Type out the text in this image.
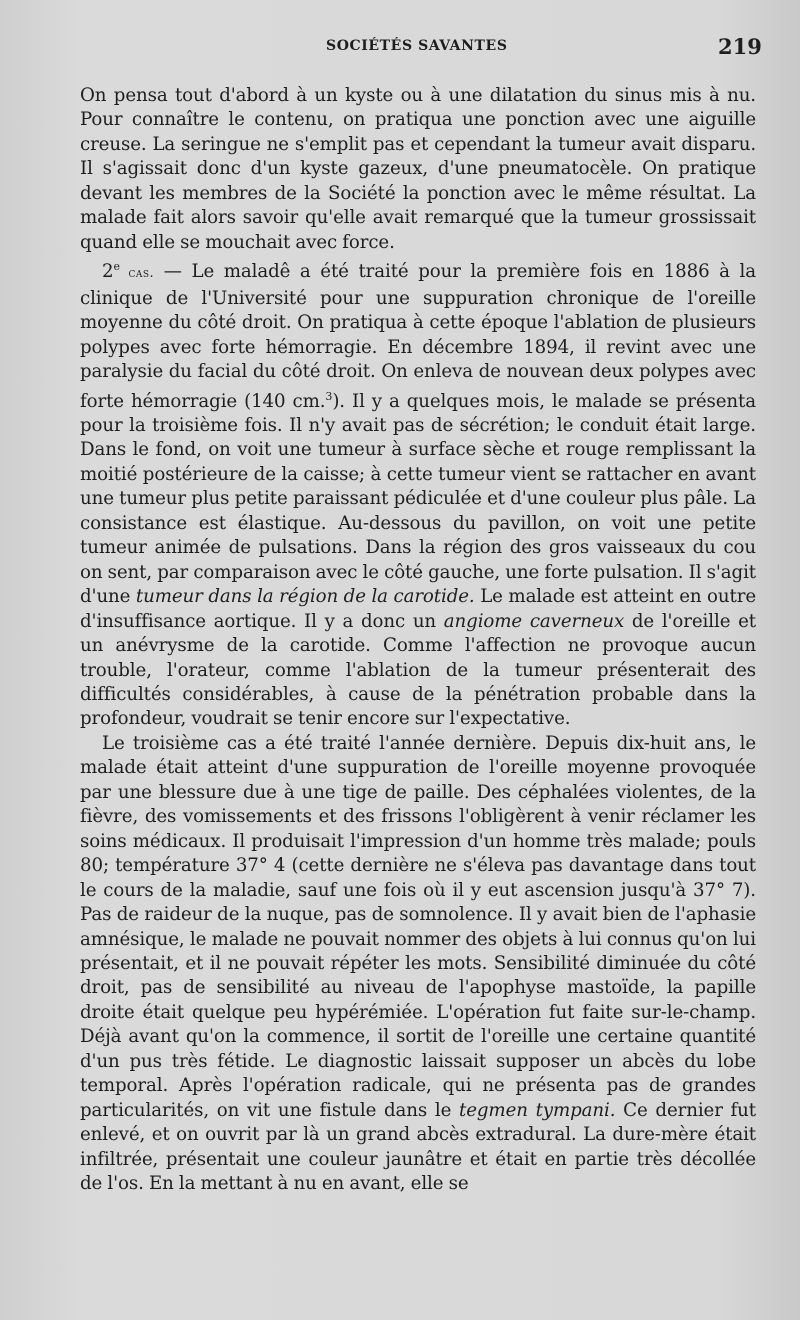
SOCIÉTÉS SAVANTES	219

On pensa tout d'abord à un kyste ou à une dilatation du sinus mis à nu. Pour connaître le contenu, on pratiqua une ponction avec une aiguille creuse. La seringue ne s'emplit pas et cependant la tumeur avait disparu. Il s'agissait donc d'un kyste gazeux, d'une pneumatocèle. On pratique devant les membres de la Société la ponction avec le même résultat. La malade fait alors savoir qu'elle avait remarqué que la tumeur grossissait quand elle se mouchait avec force.

2e cas. — Le maladê a été traité pour la première fois en 1886 à la clinique de l'Université pour une suppuration chronique de l'oreille moyenne du côté droit. On pratiqua à cette époque l'ablation de plusieurs polypes avec forte hémorragie. En décembre 1894, il revint avec une paralysie du facial du côté droit. On enleva de nouvean deux polypes avec forte hémorragie (140 cm.$^3$). Il y a quelques mois, le malade se présenta pour la troisième fois. Il n'y avait pas de sécrétion; le conduit était large. Dans le fond, on voit une tumeur à surface sèche et rouge remplissant la moitié postérieure de la caisse; à cette tumeur vient se rattacher en avant une tumeur plus petite paraissant pédiculée et d'une couleur plus pâle. La consistance est élastique. Au-dessous du pavillon, on voit une petite tumeur animée de pulsations. Dans la région des gros vaisseaux du cou on sent, par comparaison avec le côté gauche, une forte pulsation. Il s'agit d'une tumeur dans la région de la carotide. Le malade est atteint en outre d'insuffisance aortique. Il y a donc un angiome caverneux de l'oreille et un anévrysme de la carotide. Comme l'affection ne provoque aucun trouble, l'orateur, comme l'ablation de la tumeur présenterait des difficultés considérables, à cause de la pénétration probable dans la profondeur, voudrait se tenir encore sur l'expectative.

Le troisième cas a été traité l'année dernière. Depuis dix-huit ans, le malade était atteint d'une suppuration de l'oreille moyenne provoquée par une blessure due à une tige de paille. Des céphalées violentes, de la fièvre, des vomissements et des frissons l'obligèrent à venir réclamer les soins médicaux. Il produisait l'impression d'un homme très malade; pouls 80; température 37° 4 (cette dernière ne s'éleva pas davantage dans tout le cours de la maladie, sauf une fois où il y eut ascension jusqu'à 37° 7). Pas de raideur de la nuque, pas de somnolence. Il y avait bien de l'aphasie amnésique, le malade ne pouvait nommer des objets à lui connus qu'on lui présentait, et il ne pouvait répéter les mots. Sensibilité diminuée du côté droit, pas de sensibilité au niveau de l'apophyse mastoïde, la papille droite était quelque peu hypérémiée. L'opération fut faite sur-le-champ. Déjà avant qu'on la commence, il sortit de l'oreille une certaine quantité d'un pus très fétide. Le diagnostic laissait supposer un abcès du lobe temporal. Après l'opération radicale, qui ne présenta pas de grandes particularités, on vit une fistule dans le tegmen tympani. Ce dernier fut enlevé, et on ouvrit par là un grand abcès extradural. La dure-mère était infiltrée, présentait une couleur jaunâtre et était en partie très décollée de l'os. En la mettant à nu en avant, elle se
